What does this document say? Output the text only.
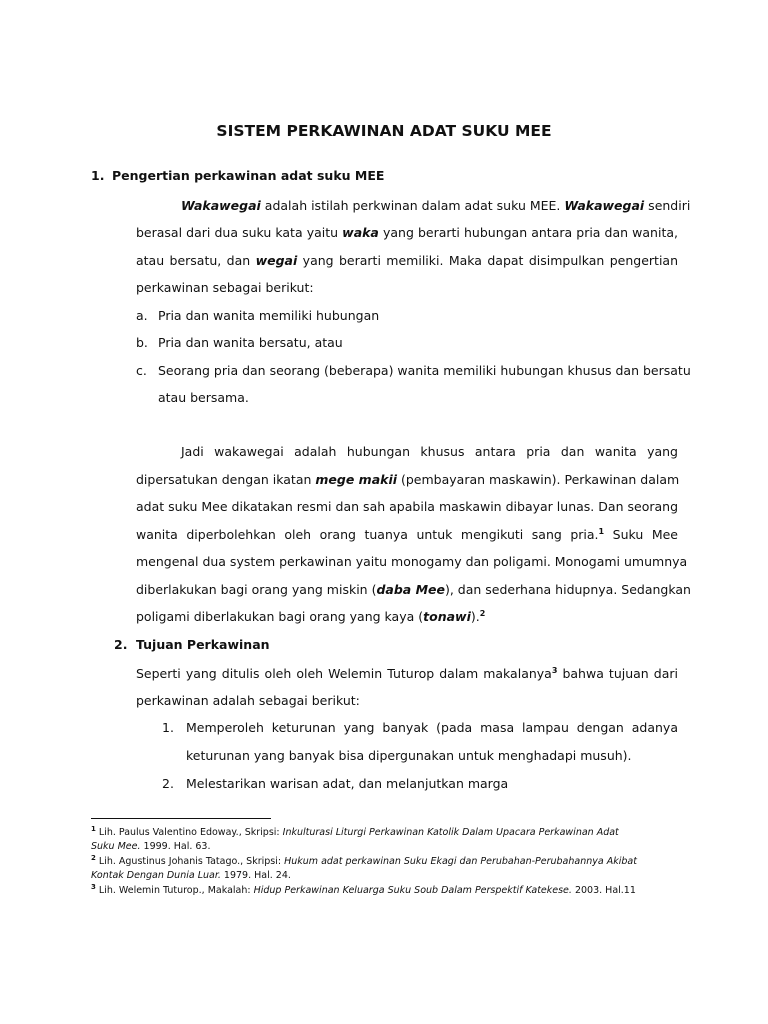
SISTEM PERKAWINAN ADAT SUKU MEE
1. Pengertian perkawinan adat suku MEE
Wakawegai adalah istilah perkwinan dalam adat suku MEE. Wakawegai sendiri
berasal dari dua suku kata yaitu waka yang berarti hubungan antara pria dan wanita,
atau bersatu, dan wegai yang berarti memiliki. Maka dapat disimpulkan pengertian
perkawinan sebagai berikut:
a. Pria dan wanita memiliki hubungan
b. Pria dan wanita bersatu, atau
c. Seorang pria dan seorang (beberapa) wanita memiliki hubungan khusus dan bersatu
atau bersama.
Jadi wakawegai adalah hubungan khusus antara pria dan wanita yang
dipersatukan dengan ikatan mege makii (pembayaran maskawin). Perkawinan dalam
adat suku Mee dikatakan resmi dan sah apabila maskawin dibayar lunas. Dan seorang
wanita diperbolehkan oleh orang tuanya untuk mengikuti sang pria.$^1$ Suku Mee
mengenal dua system perkawinan yaitu monogamy dan poligami. Monogami umumnya
diberlakukan bagi orang yang miskin (daba Mee), dan sederhana hidupnya. Sedangkan
poligami diberlakukan bagi orang yang kaya (tonawi).$^2$
2. Tujuan Perkawinan
Seperti yang ditulis oleh oleh Welemin Tuturop dalam makalanya$^3$ bahwa tujuan dari
perkawinan adalah sebagai berikut:
1. Memperoleh keturunan yang banyak (pada masa lampau dengan adanya
keturunan yang banyak bisa dipergunakan untuk menghadapi musuh).
2. Melestarikan warisan adat, dan melanjutkan marga
$^1$ Lih. Paulus Valentino Edoway., Skripsi: Inkulturasi Liturgi Perkawinan Katolik Dalam Upacara Perkawinan Adat
Suku Mee. 1999. Hal. 63.
$^2$ Lih. Agustinus Johanis Tatago., Skripsi: Hukum adat perkawinan Suku Ekagi dan Perubahan-Perubahannya Akibat
Kontak Dengan Dunia Luar. 1979. Hal. 24.
$^3$ Lih. Welemin Tuturop., Makalah: Hidup Perkawinan Keluarga Suku Soub Dalam Perspektif Katekese. 2003. Hal.11
